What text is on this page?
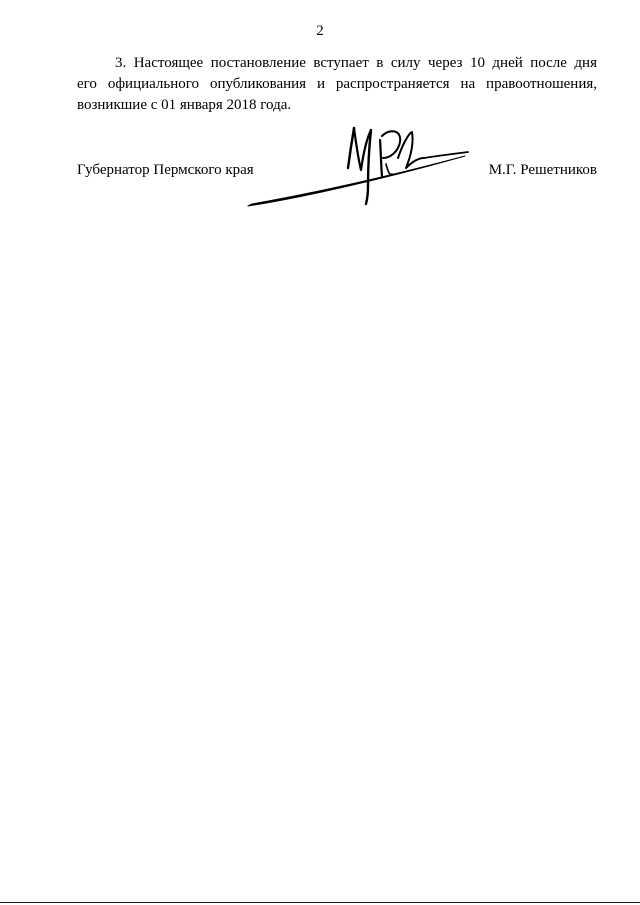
2
3. Настоящее постановление вступает в силу через 10 дней после дня
его официального опубликования и распространяется на правоотношения,
возникшие с 01 января 2018 года.
Губернатор Пермского края	М.Г. Решетников
